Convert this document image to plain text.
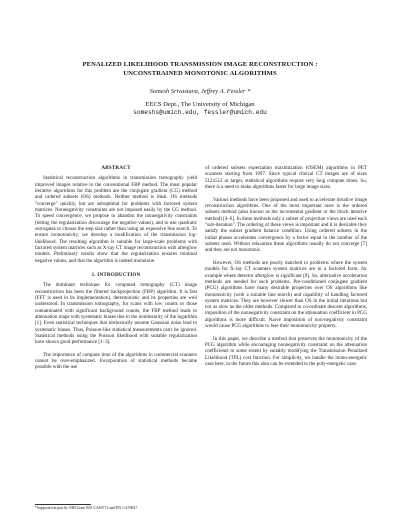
PENALIZED LIKELIHOOD TRANSMISSION IMAGE RECONSTRUCTION :
UNCONSTRAINED MONOTONIC ALGORITHMS
Somesh Srivastava, Jeffrey A. Fessler *
EECS Dept., The University of Michigan
someshs@umich.edu, fessler@umich.edu
ABSTRACT

Statistical reconstruction algorithms in transmission tomography yield improved images relative to the conventional FBP method. The most popular iterative algorithms for this problem are the conjugate gradient (CG) method and ordered subsets (OS) methods. Neither method is ideal. OS methods "converge" quickly, but are suboptimal for problems with factored system matrices. Nonnegativity constraints are not imposed easily by the CG method. To speed convergence, we propose to abandon the nonnegativity constraints (letting the regularization discourage the negative values), and to use quadratic surrogates to choose the step size rather than using an expensive line search. To ensure monotonicity, we develop a modification of the transmission log-likelihood. The resulting algorithm is suitable for large-scale problems with factored system matrices such as X-ray CT image reconstruction with afterglow models. Preliminary results show that the regularization ensures minimal negative values, and that the algorithm is indeed monotone.

1. INTRODUCTION

The dominant technique for computed tomography (CT) image reconstruction has been the filtered backprojection (FBP) algorithm. It is fast (FFT is used in its implementation), deterministic and its properties are well understood. In transmission tomography, for scans with low counts or those contaminated with significant background counts, the FBP method leads to attenuation maps with systematic biases due to the nonlinearity of the logarithm [1]. Even statistical techniques that intrinsically assume Gaussian noise lead to systematic biases. Thus, Poisson-like statistical measurements can't be ignored. Statistical methods using the Poisson likelihood with suitable regularization have shown good performance [1–3].

The importance of compute time of the algorithms in commercial scanners cannot be over-emphasized. Incorporation of statistical methods became possible with the use

of ordered subsets expectation maximization (OSEM) algorithms in PET scanners starting from 1997. Since typical clinical CT images are of sizes 512x512 or larger, statistical algorithms require very long compute times. So, there is a need to make algorithms faster for large image sizes.

Various methods have been proposed and used to accelerate iterative image reconstruction algorithms. One of the most important ones is the ordered subsets method (also known as the incremental gradient or the block iterative method) [4–6]. In these methods only a subset of projection views are used each "sub-iteration". The ordering of these views is important and it is desirable they satisfy the subset gradient balance condition. Using ordered subsets in the initial phases accelerates convergence by a factor equal to the number of the subsets used. Without relaxation these algorithms usually do not converge [7] and they are not monotonic.

However, OS methods are poorly matched to problems where the system models for X-ray CT scanners system matrices are in a factored form, for example where detector afterglow is significant [8]. So, alternative acceleration methods are needed for such problems. Pre-conditioned conjugate gradient (PCG) algorithms have many desirable properties over OS algorithms like monotonicity (with a suitable line search) and capability of handling factored system matrices. They are however slower than OS in the initial iterations but not as slow as the older methods. Compared to co-ordinate descent algorithms, imposition of the nonnegativity constraint on the attenuation coefficient in PCG algorithms is more difficult. Naive imposition of non-negativity constraint would cause PCG algorithms to lose their monotonicity property.

In this paper, we describe a method that preserves the monotonicity of the PCG algorithm while encouraging nonnegativity constraint on the attenuation coefficients to some extent by suitably modifying the Transmission Penalized Likelihood (TPL) cost function. For simplicity, we handle the mono-energetic case here, in the future this idea can be extended to the poly-energetic case.

*Supported in part by NIH Grant R01 CA60711 and P01 CA59827.
